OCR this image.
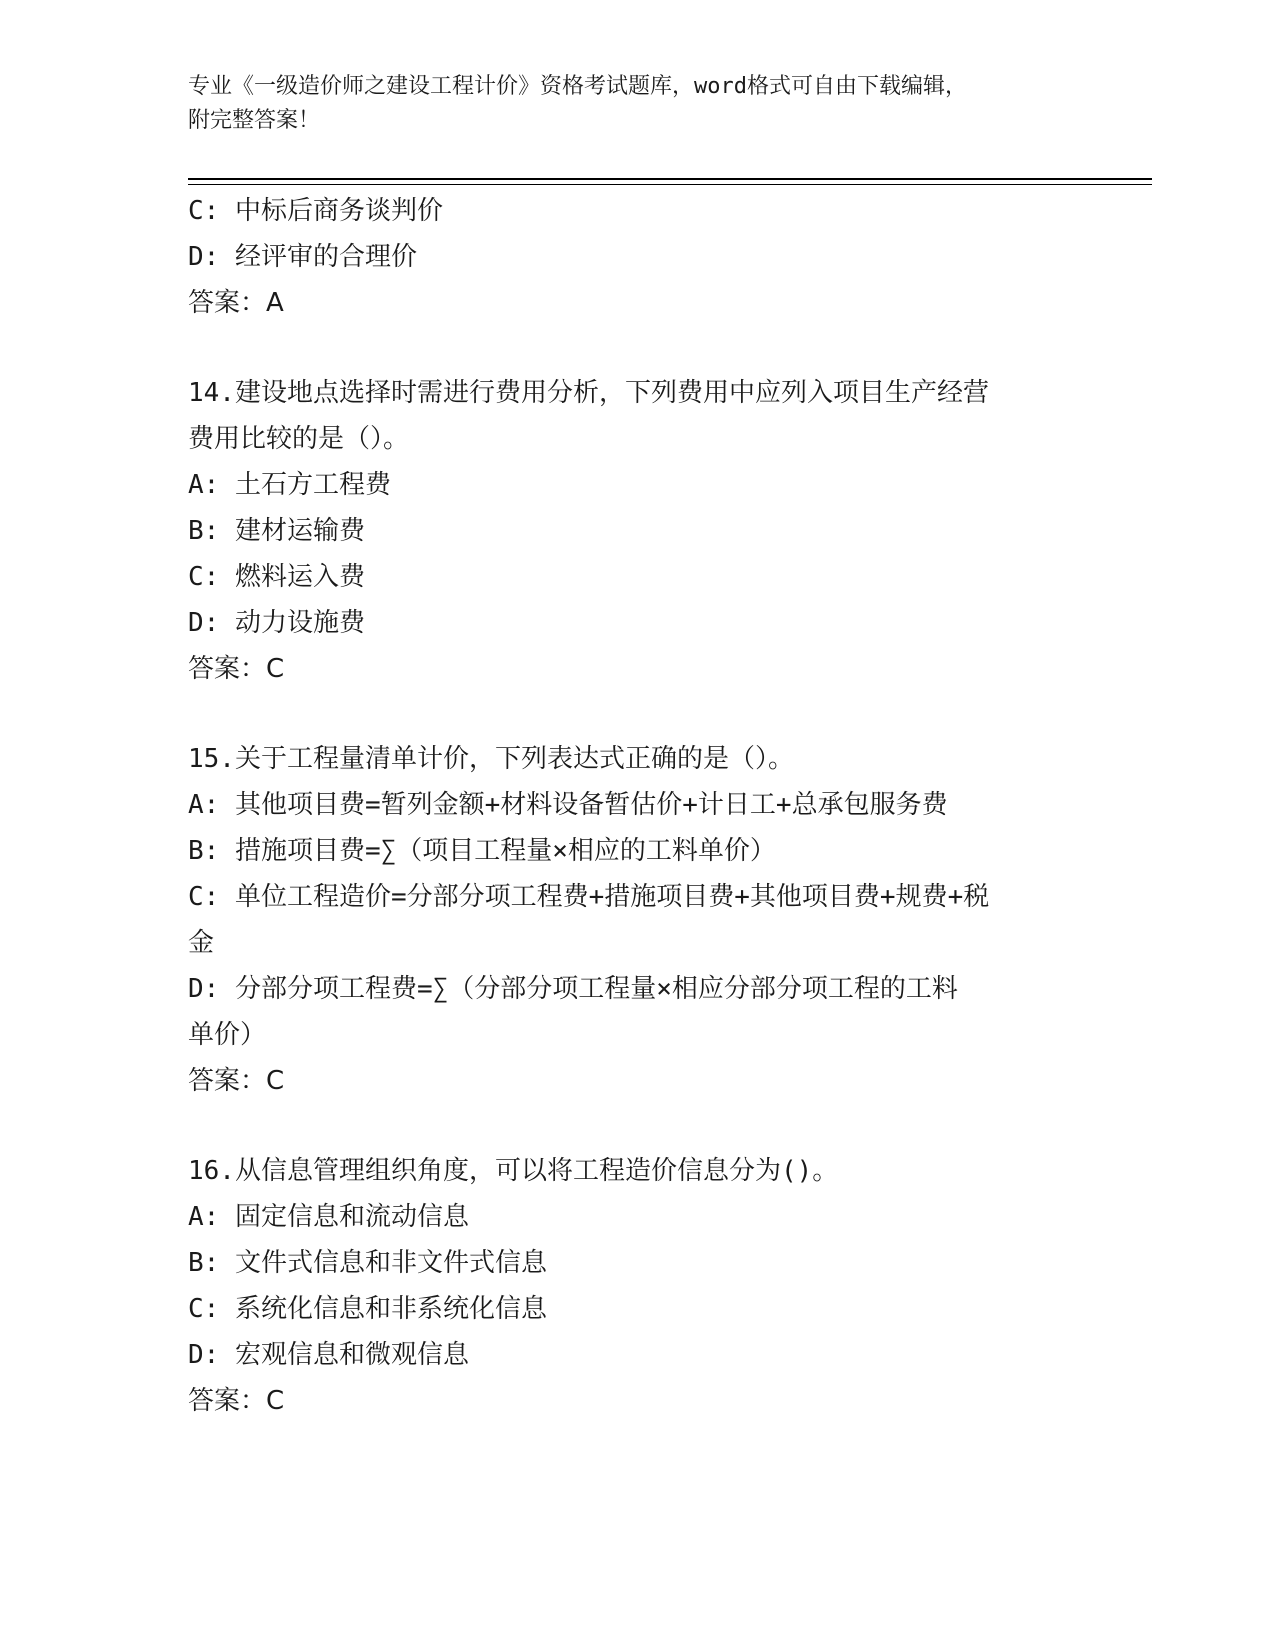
专业《一级造价师之建设工程计价》资格考试题库，word格式可自由下载编辑，
附完整答案！
C: 中标后商务谈判价
D: 经评审的合理价
答案：A
14.建设地点选择时需进行费用分析，下列费用中应列入项目生产经营
费用比较的是（）。
A: 土石方工程费
B: 建材运输费
C: 燃料运入费
D: 动力设施费
答案：C
15.关于工程量清单计价，下列表达式正确的是（）。
A: 其他项目费=暂列金额+材料设备暂估价+计日工+总承包服务费
B: 措施项目费=∑（项目工程量×相应的工料单价）
C: 单位工程造价=分部分项工程费+措施项目费+其他项目费+规费+税
金
D: 分部分项工程费=∑（分部分项工程量×相应分部分项工程的工料
单价）
答案：C
16.从信息管理组织角度，可以将工程造价信息分为()。
A: 固定信息和流动信息
B: 文件式信息和非文件式信息
C: 系统化信息和非系统化信息
D: 宏观信息和微观信息
答案：C
